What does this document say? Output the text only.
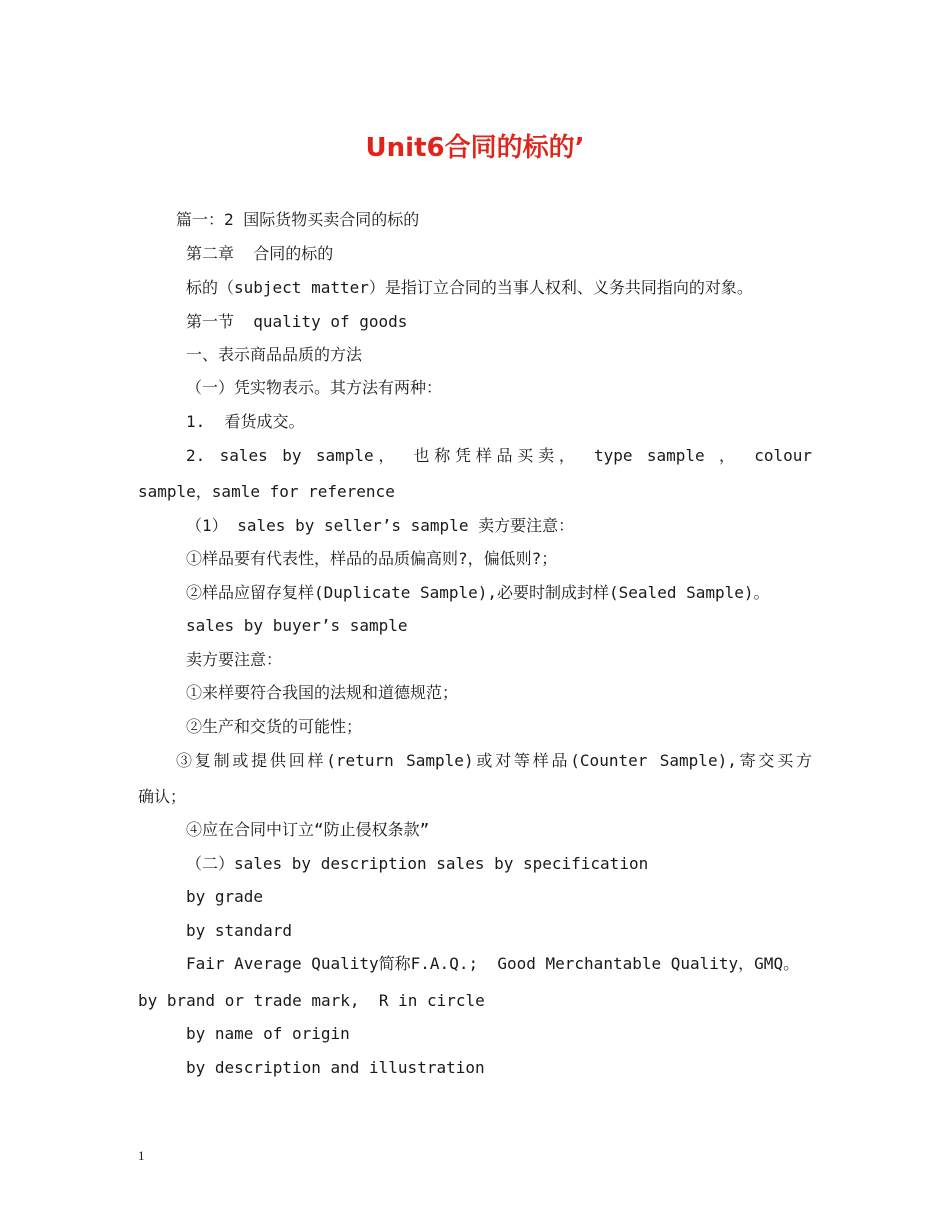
Unit6合同的标的’

篇一：2 国际货物买卖合同的标的

第二章  合同的标的

标的（subject matter）是指订立合同的当事人权利、义务共同指向的对象。

第一节  quality of goods

一、表示商品品质的方法

（一）凭实物表示。其方法有两种：

1.  看货成交。

2. sales by sample， 也称凭样品买卖， type sample ， colour

sample，samle for reference

（1） sales by seller’s sample 卖方要注意：

①样品要有代表性，样品的品质偏高则?，偏低则?；

②样品应留存复样(Duplicate Sample),必要时制成封样(Sealed Sample)。

sales by buyer’s sample

卖方要注意：

①来样要符合我国的法规和道德规范；

②生产和交货的可能性；

③复制或提供回样(return Sample)或对等样品(Counter Sample),寄交买方

确认；

④应在合同中订立“防止侵权条款”

（二）sales by description sales by specification

by grade

by standard

Fair Average Quality简称F.A.Q.;  Good Merchantable Quality，GMQ。

by brand or trade mark,  R in circle

by name of origin

by description and illustration

1
